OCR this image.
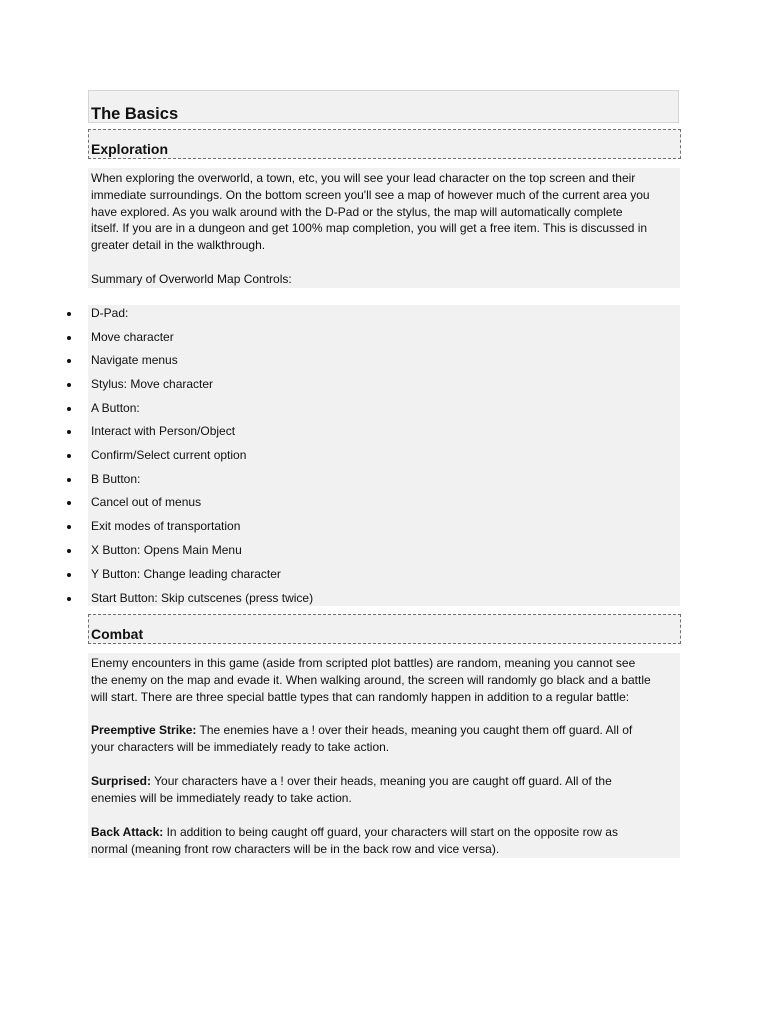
The Basics
Exploration

When exploring the overworld, a town, etc, you will see your lead character on the top screen and their
immediate surroundings. On the bottom screen you'll see a map of however much of the current area you
have explored. As you walk around with the D-Pad or the stylus, the map will automatically complete
itself. If you are in a dungeon and get 100% map completion, you will get a free item. This is discussed in
greater detail in the walkthrough.

Summary of Overworld Map Controls:

D-Pad:
Move character
Navigate menus
Stylus: Move character
A Button:
Interact with Person/Object
Confirm/Select current option
B Button:
Cancel out of menus
Exit modes of transportation
X Button: Opens Main Menu
Y Button: Change leading character
Start Button: Skip cutscenes (press twice)
Combat

Enemy encounters in this game (aside from scripted plot battles) are random, meaning you cannot see
the enemy on the map and evade it. When walking around, the screen will randomly go black and a battle
will start. There are three special battle types that can randomly happen in addition to a regular battle:

Preemptive Strike: The enemies have a ! over their heads, meaning you caught them off guard. All of
your characters will be immediately ready to take action.

Surprised: Your characters have a ! over their heads, meaning you are caught off guard. All of the
enemies will be immediately ready to take action.

Back Attack: In addition to being caught off guard, your characters will start on the opposite row as
normal (meaning front row characters will be in the back row and vice versa).
